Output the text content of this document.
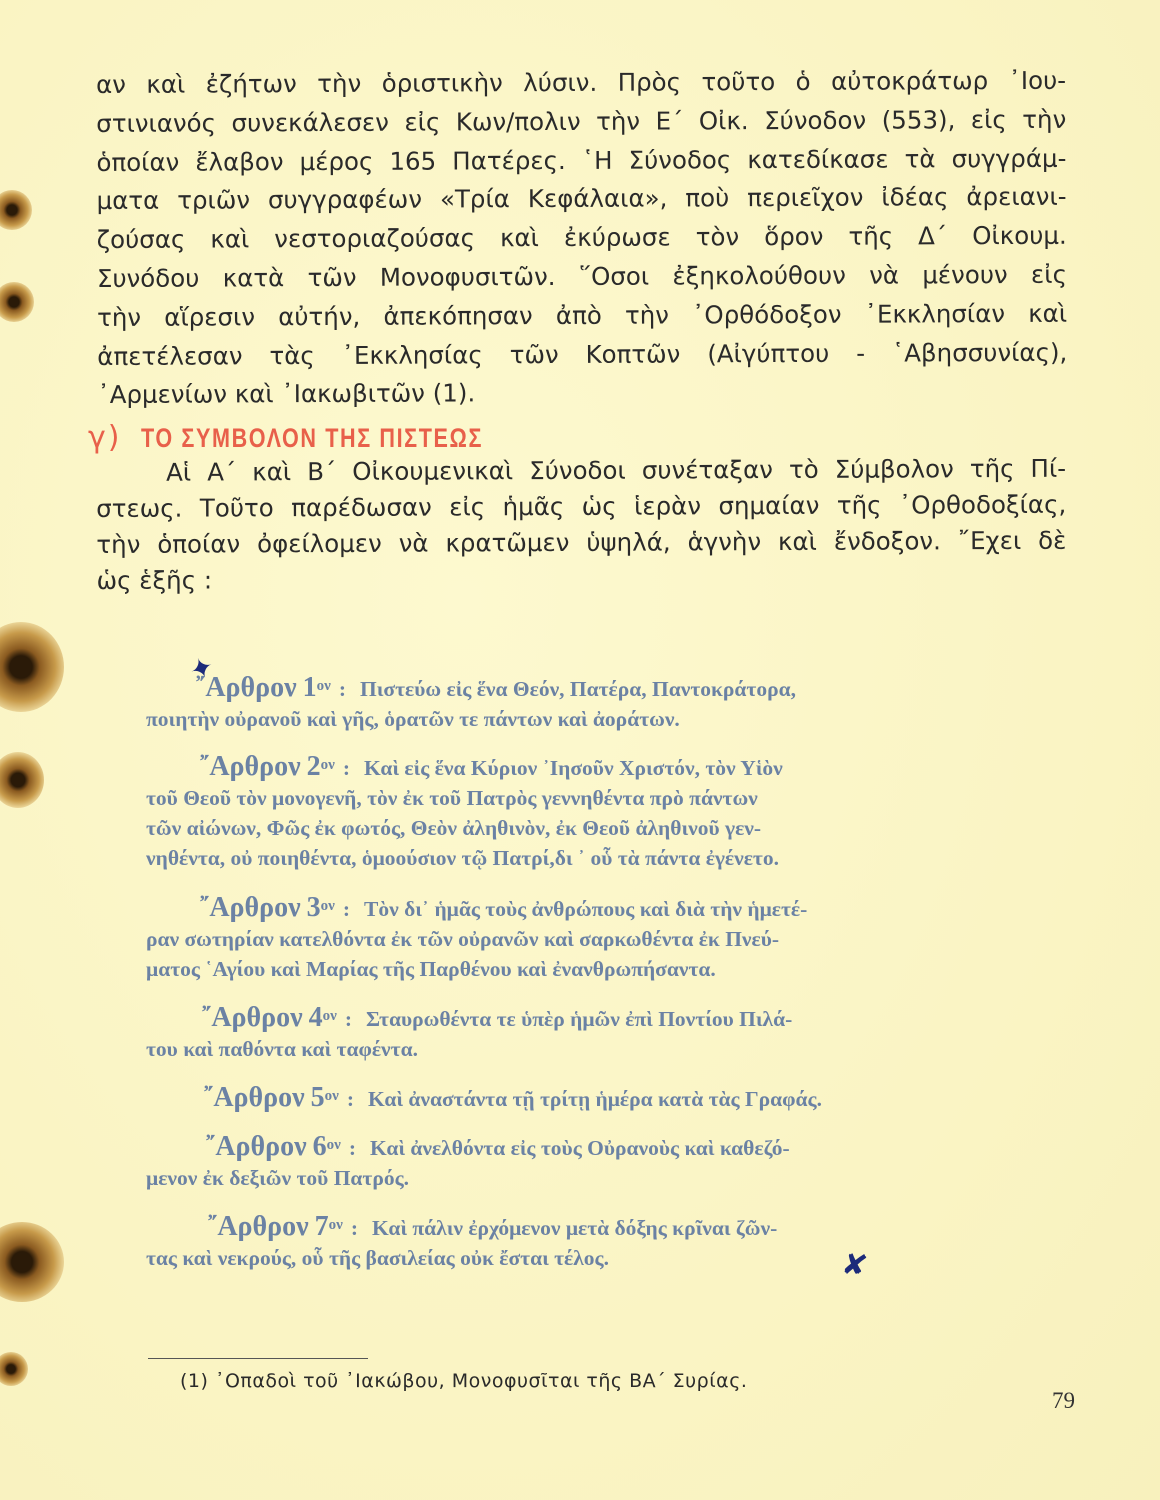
αν καὶ ἐζήτων τὴν ὁριστικὴν λύσιν. Πρὸς τοῦτο ὁ αὐτοκράτωρ ᾿Ιου-
στινιανός συνεκάλεσεν εἰς Κων/πολιν τὴν Ε΄ Οἰκ. Σύνοδον (553), εἰς τὴν
ὁποίαν ἔλαβον μέρος 165 Πατέρες. ῾Η Σύνοδος κατεδίκασε τὰ συγγράμ-
ματα τριῶν συγγραφέων «Τρία Κεφάλαια», ποὺ περιεῖχον ἰδέας ἀρειανι-
ζούσας καὶ νεστοριαζούσας καὶ ἐκύρωσε τὸν ὅρον τῆς Δ΄ Οἰκουμ.
Συνόδου κατὰ τῶν Μονοφυσιτῶν. ῞Οσοι ἐξηκολούθουν νὰ μένουν εἰς
τὴν αἵρεσιν αὐτήν, ἀπεκόπησαν ἀπὸ τὴν ᾿Ορθόδοξον ᾿Εκκλησίαν καὶ
ἀπετέλεσαν τὰς ᾿Εκκλησίας τῶν Κοπτῶν (Αἰγύπτου - ῾Αβησσυνίας),
᾿Αρμενίων καὶ ᾿Ιακωβιτῶν (1).
γ) ΤΟ ΣΥΜΒΟΛΟΝ ΤΗΣ ΠΙΣΤΕΩΣ
Αἱ Α΄ καὶ Β΄ Οἰκουμενικαὶ Σύνοδοι συνέταξαν τὸ Σύμβολον τῆς Πί-
στεως. Τοῦτο παρέδωσαν εἰς ἡμᾶς ὡς ἱερὰν σημαίαν τῆς ᾿Ορθοδοξίας,
τὴν ὁποίαν ὀφείλομεν νὰ κρατῶμεν ὑψηλά, ἁγνὴν καὶ ἔνδοξον. ῎Εχει δὲ
ὡς ἑξῆς :
✦
῎Αρθρον $1^{o\nu}$ : Πιστεύω εἰς ἕνα Θεόν, Πατέρα, Παντοκράτορα,
ποιητὴν οὐρανοῦ καὶ γῆς, ὁρατῶν τε πάντων καὶ ἀοράτων.
῎Αρθρον $2^{o\nu}$ : Καὶ εἰς ἕνα Κύριον ᾿Ιησοῦν Χριστόν, τὸν Υἱὸν
τοῦ Θεοῦ τὸν μονογενῆ, τὸν ἐκ τοῦ Πατρὸς γεννηθέντα πρὸ πάντων
τῶν αἰώνων, Φῶς ἐκ φωτός, Θεὸν ἀληθινὸν, ἐκ Θεοῦ ἀληθινοῦ γεν-
νηθέντα, οὐ ποιηθέντα, ὁμοούσιον τῷ Πατρί,δι ᾿ οὗ τὰ πάντα ἐγένετο.
῎Αρθρον $3^{o\nu}$ : Τὸν δι᾿ ἡμᾶς τοὺς ἀνθρώπους καὶ διὰ τὴν ἡμετέ-
ραν σωτηρίαν κατελθόντα ἐκ τῶν οὐρανῶν καὶ σαρκωθέντα ἐκ Πνεύ-
ματος ῾Αγίου καὶ Μαρίας τῆς Παρθένου καὶ ἐνανθρωπήσαντα.
῎Αρθρον $4^{o\nu}$ : Σταυρωθέντα τε ὑπὲρ ἡμῶν ἐπὶ Ποντίου Πιλά-
του καὶ παθόντα καὶ ταφέντα.
῎Αρθρον $5^{o\nu}$ : Καὶ ἀναστάντα τῇ τρίτῃ ἡμέρα κατὰ τὰς Γραφάς.
῎Αρθρον $6^{o\nu}$ : Καὶ ἀνελθόντα εἰς τοὺς Οὐρανοὺς καὶ καθεζό-
μενον ἐκ δεξιῶν τοῦ Πατρός.
῎Αρθρον $7^{o\nu}$ : Καὶ πάλιν ἐρχόμενον μετὰ δόξης κρῖναι ζῶν-
τας καὶ νεκρούς, οὗ τῆς βασιλείας οὐκ ἔσται τέλος.	✘
(1) ᾿Οπαδοὶ τοῦ ᾿Ιακώβου, Μονοφυσῖται τῆς ΒΑ΄ Συρίας.
79
